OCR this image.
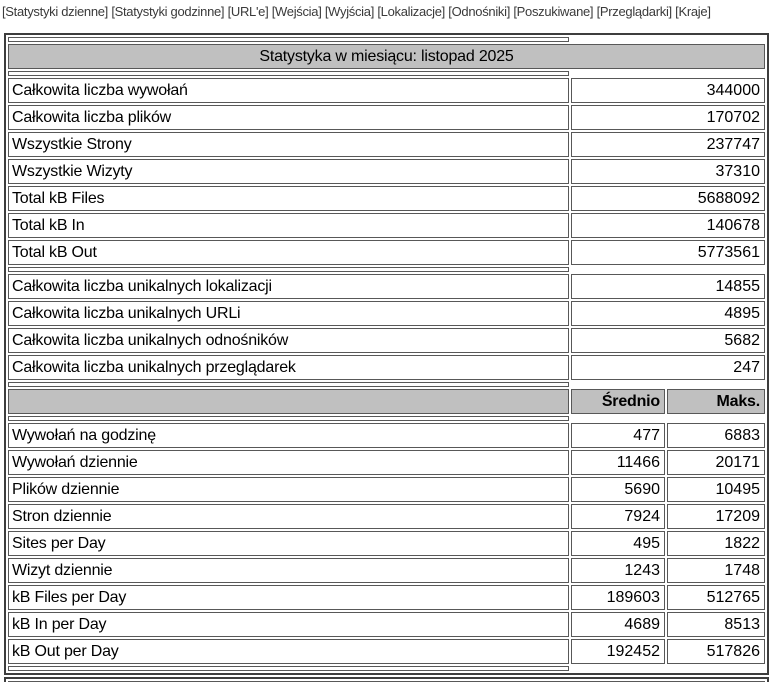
[Statystyki dzienne] [Statystyki godzinne] [URL'e] [Wejścia] [Wyjścia] [Lokalizacje] [Odnośniki] [Poszukiwane] [Przeglądarki] [Kraje]

Statystyka w miesiącu: listopad 2025		

Całkowita liczba wywołań	344000	
Całkowita liczba plików	170702	
Wszystkie Strony	237747	
Wszystkie Wizyty	37310	
Total kB Files	5688092	
Total kB In	140678	
Total kB Out	5773561	

Całkowita liczba unikalnych lokalizacji	14855	
Całkowita liczba unikalnych URLi	4895	
Całkowita liczba unikalnych odnośników	5682	
Całkowita liczba unikalnych przeglądarek	247	

	Średnio	Maks.

Wywołań na godzinę	477	6883
Wywołań dziennie	11466	20171
Plików dziennie	5690	10495
Stron dziennie	7924	17209
Sites per Day	495	1822
Wizyt dziennie	1243	1748
kB Files per Day	189603	512765
kB In per Day	4689	8513
kB Out per Day	192452	517826
